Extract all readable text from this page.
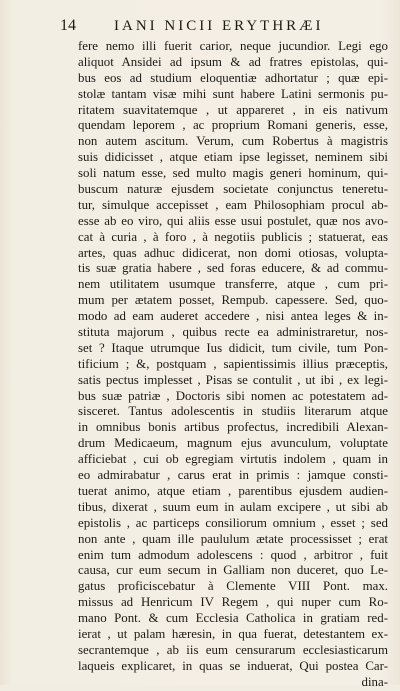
14	IANI NICII ERYTHRÆI
fere nemo illi fuerit carior, neque jucundior. Legi ego
aliquot Ansidei ad ipsum & ad fratres epistolas, qui-
bus eos ad studium eloquentiæ adhortatur ; quæ epi-
stolæ tantam visæ mihi sunt habere Latini sermonis pu-
ritatem suavitatemque , ut appareret , in eis nativum
quendam leporem , ac proprium Romani generis, esse,
non autem ascitum. Verum, cum Robertus à magistris
suis didicisset , atque etiam ipse legisset, neminem sibi
soli natum esse, sed multo magis generi hominum, qui-
buscum naturæ ejusdem societate conjunctus teneretu-
tur, simulque accepisset , eam Philosophiam procul ab-
esse ab eo viro, qui aliis esse usui postulet, quæ nos avo-
cat à curia , à foro , à negotiis publicis ; statuerat, eas
artes, quas adhuc didicerat, non domi otiosas, volupta-
tis suæ gratia habere , sed foras educere, & ad commu-
nem utilitatem usumque transferre, atque , cum pri-
mum per ætatem posset, Rempub. capessere. Sed, quo-
modo ad eam auderet accedere , nisi antea leges & in-
stituta majorum , quibus recte ea administraretur, nos-
set ? Itaque utrumque Ius didicit, tum civile, tum Pon-
tificium ; &, postquam , sapientissimis illius præceptis,
satis pectus implesset , Pisas se contulit , ut ibi , ex legi-
bus suæ patriæ , Doctoris sibi nomen ac potestatem ad-
sisceret. Tantus adolescentis in studiis literarum atque
in omnibus bonis artibus profectus, incredibili Alexan-
drum Medicaeum, magnum ejus avunculum, voluptate
afficiebat , cui ob egregiam virtutis indolem , quam in
eo admirabatur , carus erat in primis : jamque consti-
tuerat animo, atque etiam , parentibus ejusdem audien-
tibus, dixerat , suum eum in aulam excipere , ut sibi ab
epistolis , ac particeps consiliorum omnium , esset ; sed
non ante , quam ille paululum ætate processisset ; erat
enim tum admodum adolescens : quod , arbitror , fuit
causa, cur eum secum in Galliam non duceret, quo Le-
gatus proficiscebatur à Clemente VIII Pont. max.
missus ad Henricum IV Regem , qui nuper cum Ro-
mano Pont. & cum Ecclesia Catholica in gratiam red-
ierat , ut palam hæresin, in qua fuerat, detestantem ex-
secrantemque , ab iis eum censurarum ecclesiasticarum
laqueis explicaret, in quas se induerat, Qui postea Car-
dina-
